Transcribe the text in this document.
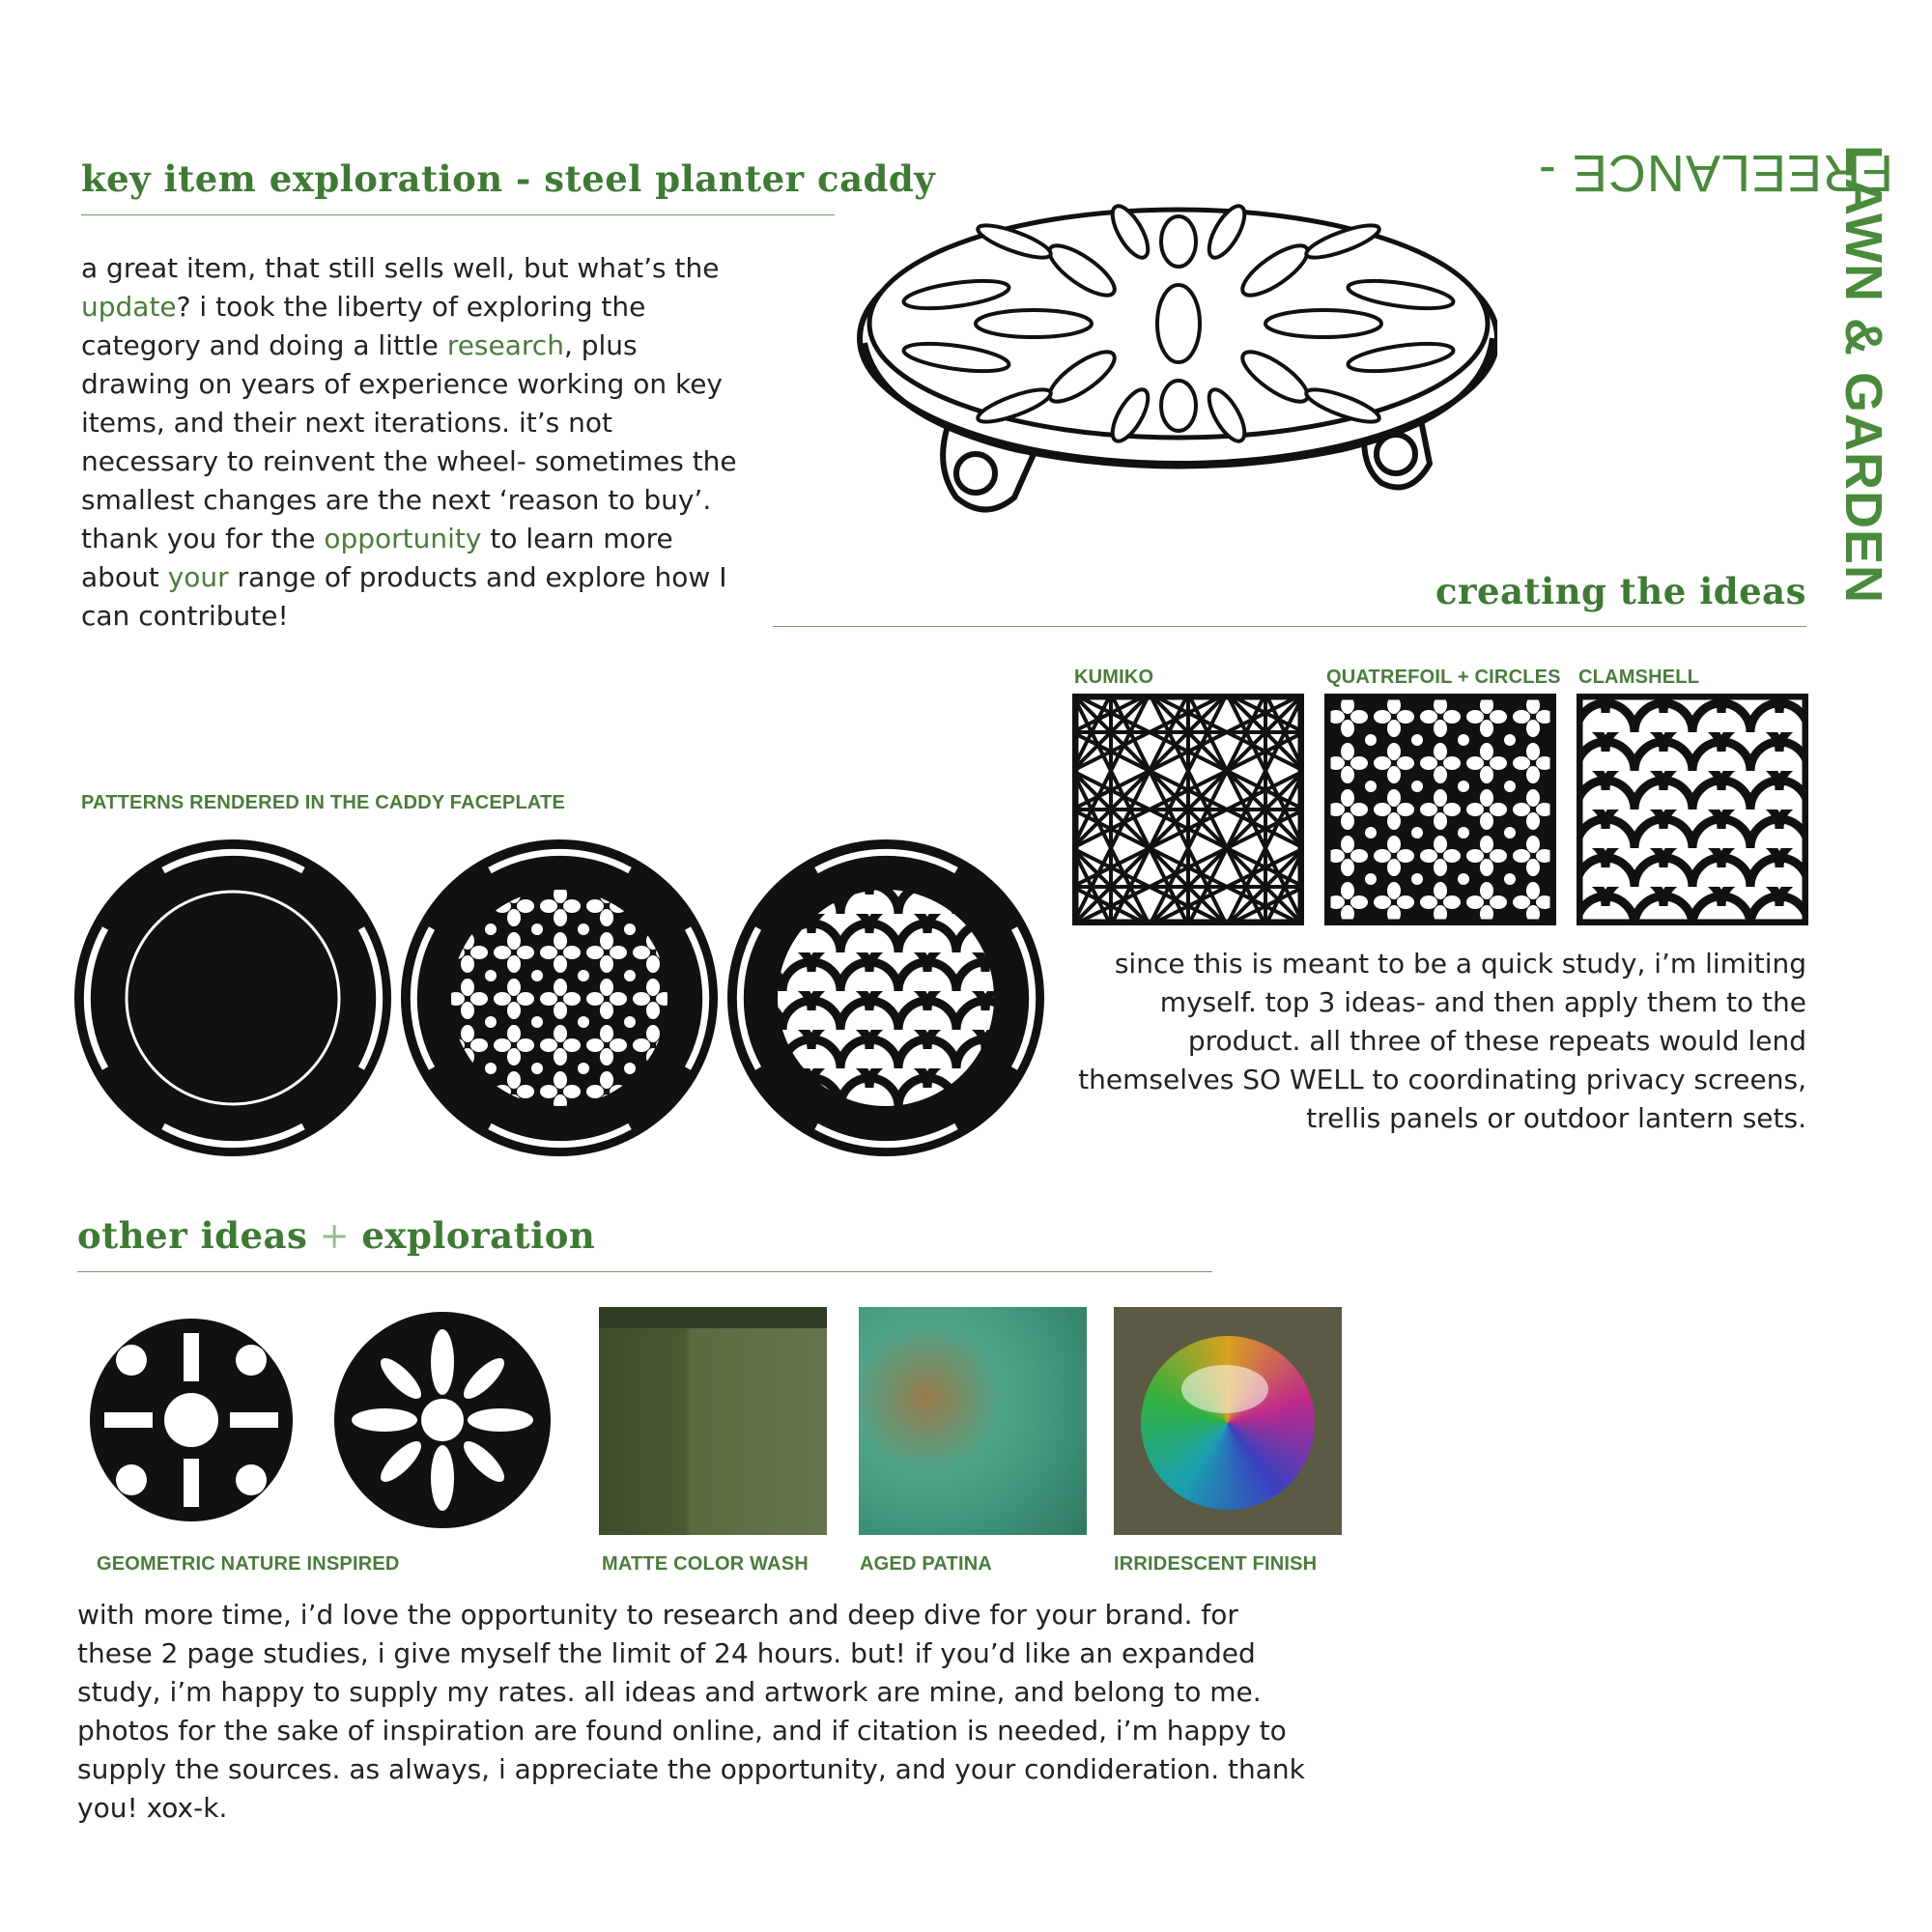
FREELANCE -
LAWN & GARDEN
key item exploration - steel planter caddy
a great item, that still sells well, but what’s the update? i took the liberty of exploring the category and doing a little research, plus drawing on years of experience working on key items, and their next iterations. it’s not necessary to reinvent the wheel- sometimes the smallest changes are the next ‘reason to buy’. thank you for the opportunity to learn more about your range of products and explore how I can contribute!
creating the ideas
KUMIKO	QUATREFOIL + CIRCLES CLAMSHELL
PATTERNS RENDERED IN THE CADDY FACEPLATE
since this is meant to be a quick study, i’m limiting myself. top 3 ideas- and then apply them to the product. all three of these repeats would lend themselves SO WELL to coordinating privacy screens, trellis panels or outdoor lantern sets.
other ideas + exploration
GEOMETRIC NATURE INSPIRED	MATTE COLOR WASH	AGED PATINA	IRRIDESCENT FINISH
with more time, i’d love the opportunity to research and deep dive for your brand. for these 2 page studies, i give myself the limit of 24 hours. but! if you’d like an expanded study, i’m happy to supply my rates. all ideas and artwork are mine, and belong to me. photos for the sake of inspiration are found online, and if citation is needed, i’m happy to supply the sources. as always, i appreciate the opportunity, and your condideration. thank you! xox-k.
